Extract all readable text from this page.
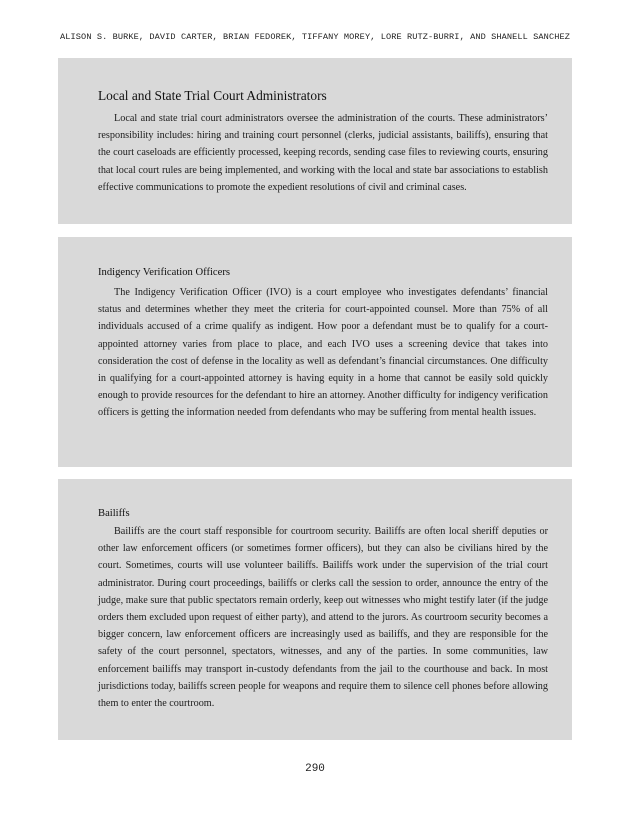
ALISON S. BURKE, DAVID CARTER, BRIAN FEDOREK, TIFFANY MOREY, LORE RUTZ-BURRI, AND SHANELL SANCHEZ
Local and State Trial Court Administrators

Local and state trial court administrators oversee the administration of the courts. These administrators’ responsibility includes: hiring and training court personnel (clerks, judicial assistants, bailiffs), ensuring that the court caseloads are efficiently processed, keeping records, sending case files to reviewing courts, ensuring that local court rules are being implemented, and working with the local and state bar associations to establish effective communications to promote the expedient resolutions of civil and criminal cases.

Indigency Verification Officers

The Indigency Verification Officer (IVO) is a court employee who investigates defendants’ financial status and determines whether they meet the criteria for court-appointed counsel. More than 75% of all individuals accused of a crime qualify as indigent. How poor a defendant must be to qualify for a court-appointed attorney varies from place to place, and each IVO uses a screening device that takes into consideration the cost of defense in the locality as well as defendant’s financial circumstances. One difficulty in qualifying for a court-appointed attorney is having equity in a home that cannot be easily sold quickly enough to provide resources for the defendant to hire an attorney. Another difficulty for indigency verification officers is getting the information needed from defendants who may be suffering from mental health issues.

Bailiffs

Bailiffs are the court staff responsible for courtroom security. Bailiffs are often local sheriff deputies or other law enforcement officers (or sometimes former officers), but they can also be civilians hired by the court. Sometimes, courts will use volunteer bailiffs. Bailiffs work under the supervision of the trial court administrator. During court proceedings, bailiffs or clerks call the session to order, announce the entry of the judge, make sure that public spectators remain orderly, keep out witnesses who might testify later (if the judge orders them excluded upon request of either party), and attend to the jurors. As courtroom security becomes a bigger concern, law enforcement officers are increasingly used as bailiffs, and they are responsible for the safety of the court personnel, spectators, witnesses, and any of the parties. In some communities, law enforcement bailiffs may transport in-custody defendants from the jail to the courthouse and back. In most jurisdictions today, bailiffs screen people for weapons and require them to silence cell phones before allowing them to enter the courtroom.

290
